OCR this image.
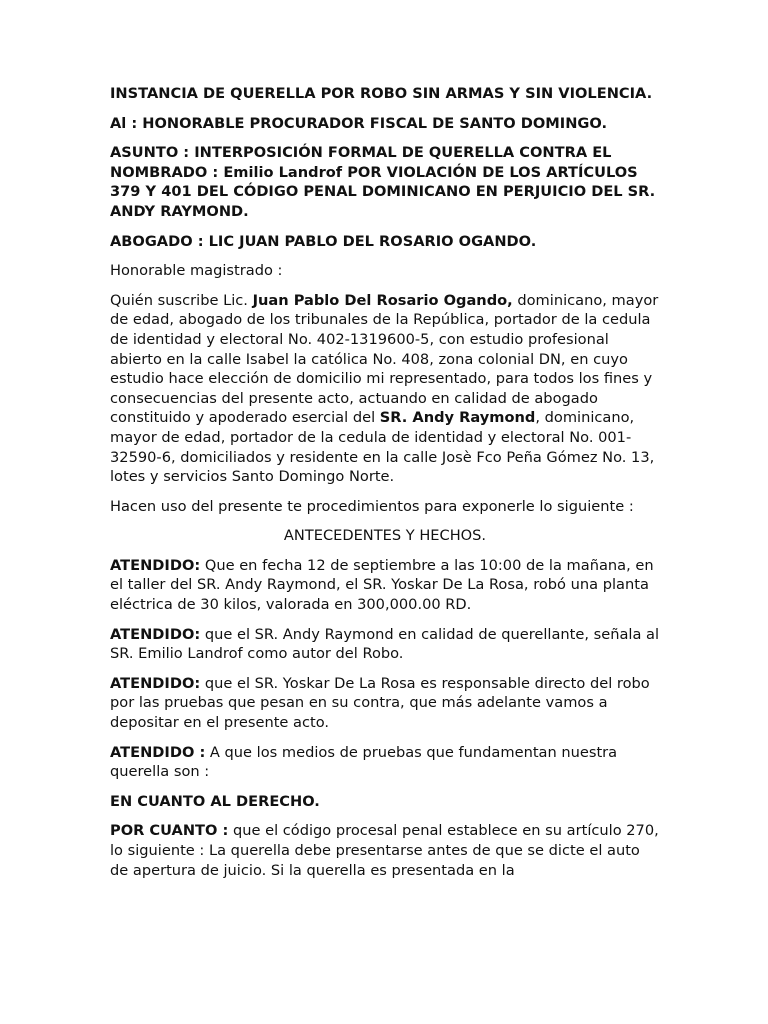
INSTANCIA DE QUERELLA POR ROBO SIN ARMAS Y SIN VIOLENCIA.

Al : HONORABLE PROCURADOR FISCAL DE SANTO DOMINGO.

ASUNTO : INTERPOSICIÓN FORMAL DE QUERELLA CONTRA EL NOMBRADO : Emilio Landrof POR VIOLACIÓN DE LOS ARTÍCULOS 379 Y 401 DEL CÓDIGO PENAL DOMINICANO EN PERJUICIO DEL SR. ANDY RAYMOND.

ABOGADO : LIC JUAN PABLO DEL ROSARIO OGANDO.

Honorable magistrado :

Quién suscribe Lic. Juan Pablo Del Rosario Ogando, dominicano, mayor de edad, abogado de los tribunales de la República, portador de la cedula de identidad y electoral No. 402-1319600-5, con estudio profesional abierto en la calle Isabel la católica No. 408, zona colonial DN, en cuyo estudio hace elección de domicilio mi representado, para todos los fines y consecuencias del presente acto, actuando en calidad de abogado constituido y apoderado esercial del SR. Andy Raymond, dominicano, mayor de edad, portador de la cedula de identidad y electoral No. 001-32590-6, domiciliados y residente en la calle Josè Fco Peña Gómez No. 13, lotes y servicios Santo Domingo Norte.

Hacen uso del presente te procedimientos para exponerle lo siguiente :

ANTECEDENTES Y HECHOS.

ATENDIDO: Que en fecha 12 de septiembre a las 10:00 de la mañana, en el taller del SR. Andy Raymond, el SR. Yoskar De La Rosa, robó una planta eléctrica de 30 kilos, valorada en 300,000.00 RD.

ATENDIDO: que el SR. Andy Raymond en calidad de querellante, señala al SR. Emilio Landrof como autor del Robo.

ATENDIDO: que el SR. Yoskar De La Rosa es responsable directo del robo por las pruebas que pesan en su contra, que más adelante vamos a depositar en el presente acto.

ATENDIDO : A que los medios de pruebas que fundamentan nuestra querella son :

EN CUANTO AL DERECHO.

POR CUANTO : que el código procesal penal establece en su artículo 270, lo siguiente : La querella debe presentarse antes de que se dicte el auto de apertura de juicio. Si la querella es presentada en la
